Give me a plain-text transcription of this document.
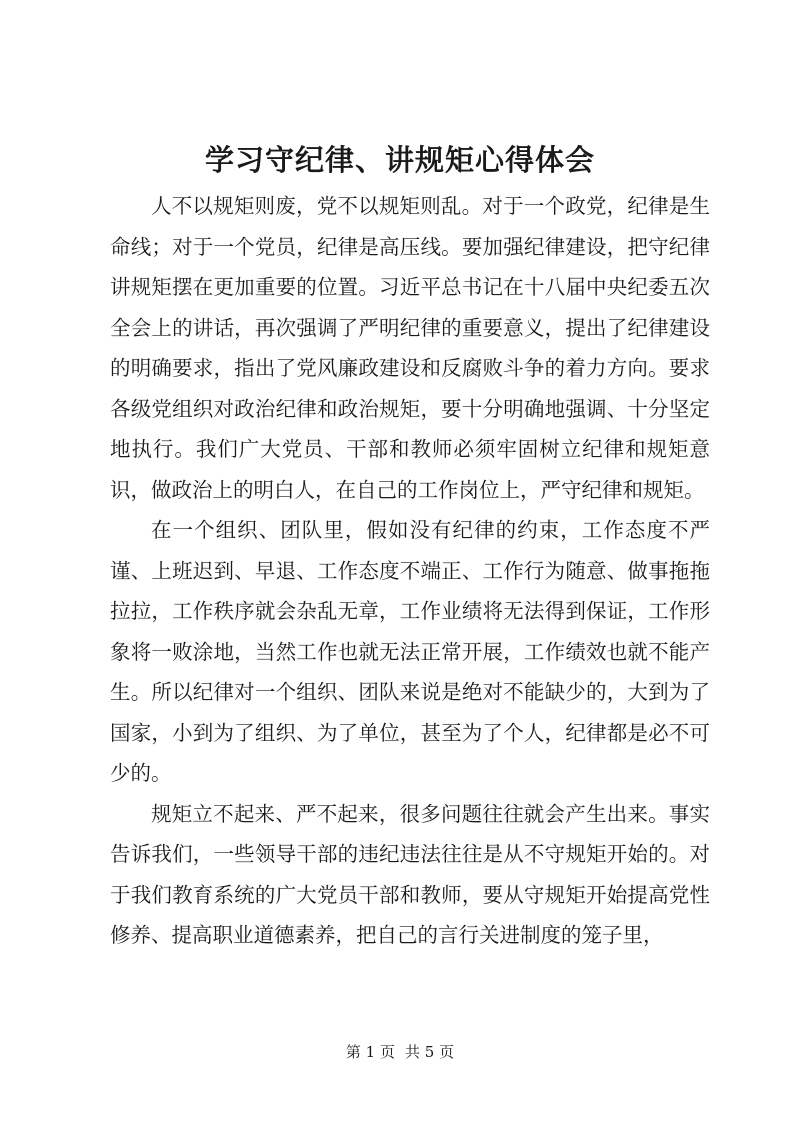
学习守纪律、讲规矩心得体会

人不以规矩则废，党不以规矩则乱。对于一个政党，纪律是生命线；对于一个党员，纪律是高压线。要加强纪律建设，把守纪律讲规矩摆在更加重要的位置。习近平总书记在十八届中央纪委五次全会上的讲话，再次强调了严明纪律的重要意义，提出了纪律建设的明确要求，指出了党风廉政建设和反腐败斗争的着力方向。要求各级党组织对政治纪律和政治规矩，要十分明确地强调、十分坚定地执行。我们广大党员、干部和教师必须牢固树立纪律和规矩意识，做政治上的明白人，在自己的工作岗位上，严守纪律和规矩。

在一个组织、团队里，假如没有纪律的约束，工作态度不严谨、上班迟到、早退、工作态度不端正、工作行为随意、做事拖拖拉拉，工作秩序就会杂乱无章，工作业绩将无法得到保证，工作形象将一败涂地，当然工作也就无法正常开展，工作绩效也就不能产生。所以纪律对一个组织、团队来说是绝对不能缺少的，大到为了国家，小到为了组织、为了单位，甚至为了个人，纪律都是必不可少的。

规矩立不起来、严不起来，很多问题往往就会产生出来。事实告诉我们，一些领导干部的违纪违法往往是从不守规矩开始的。对于我们教育系统的广大党员干部和教师，要从守规矩开始提高党性修养、提高职业道德素养，把自己的言行关进制度的笼子里，

第 1 页 共 5 页
